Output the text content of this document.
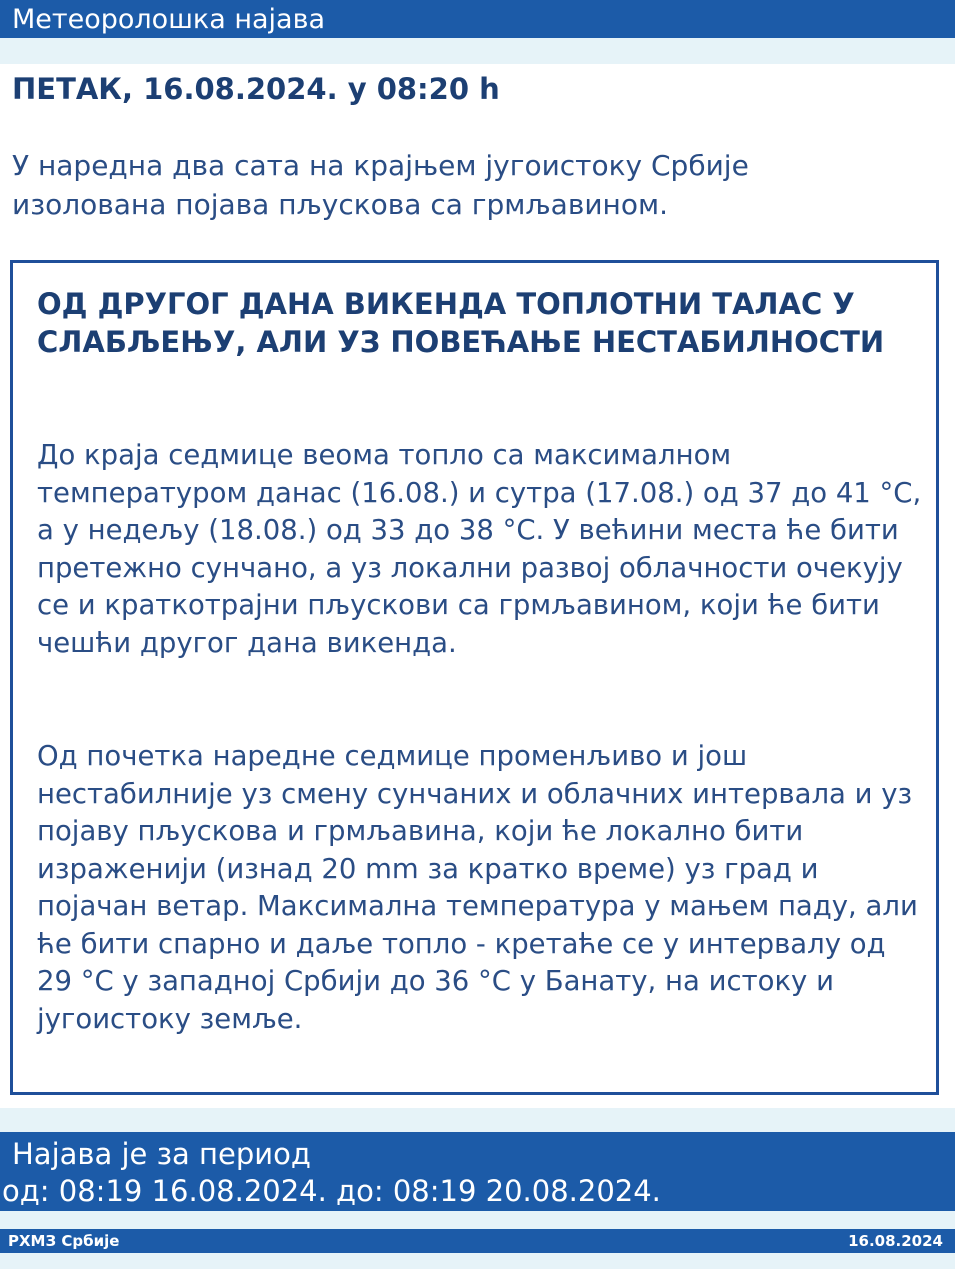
Метеоролошка најава
ПЕТАК, 16.08.2024. у 08:20 h
У наредна два сата на крајњем југоистоку Србије изолована појава пљускова са грмљавином.
ОД ДРУГОГ ДАНА ВИКЕНДА ТОПЛОТНИ ТАЛАС У СЛАБЉЕЊУ, АЛИ УЗ ПОВЕЋАЊЕ НЕСТАБИЛНОСТИ
До краја седмице веома топло са максималном температуром данас (16.08.) и сутра (17.08.) од 37 до 41 °C, а у недељу (18.08.) од 33 до 38 °C. У већини места ће бити претежно сунчано, а уз локални развој облачности очекују се и краткотрајни пљускови са грмљавином, који ће бити чешћи другог дана викенда.
Од почетка наредне седмице променљиво и још нестабилније уз смену сунчаних и облачних интервала и уз појаву пљускова и грмљавина, који ће локално бити израженији (изнад 20 mm за кратко време) уз град и појачан ветар. Максимална температура у мањем паду, али ће бити спарно и даље топло - кретаће се у интервалу од 29 °C у западној Србији до 36 °C у Банату, на истоку и југоистоку земље.
Најава је за период
од: 08:19 16.08.2024. до: 08:19 20.08.2024.
РХМЗ Србије	16.08.2024
